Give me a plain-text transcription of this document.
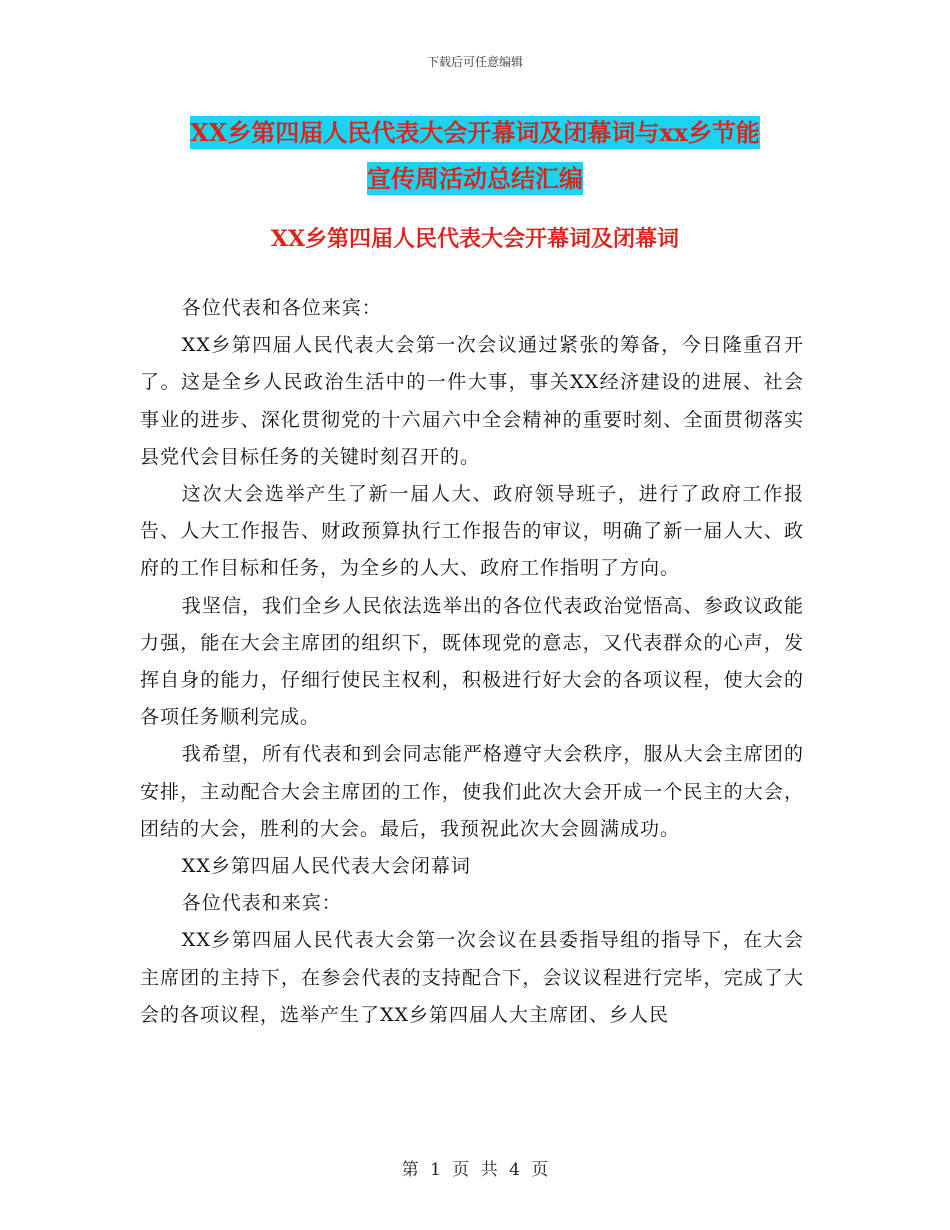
下载后可任意编辑
XX乡第四届人民代表大会开幕词及闭幕词与xx乡节能
宣传周活动总结汇编
XX乡第四届人民代表大会开幕词及闭幕词

各位代表和各位来宾：

XX乡第四届人民代表大会第一次会议通过紧张的筹备，今日隆重召开了。这是全乡人民政治生活中的一件大事，事关XX经济建设的进展、社会事业的进步、深化贯彻党的十六届六中全会精神的重要时刻、全面贯彻落实县党代会目标任务的关键时刻召开的。

这次大会选举产生了新一届人大、政府领导班子，进行了政府工作报告、人大工作报告、财政预算执行工作报告的审议，明确了新一届人大、政府的工作目标和任务，为全乡的人大、政府工作指明了方向。

我坚信，我们全乡人民依法选举出的各位代表政治觉悟高、参政议政能力强，能在大会主席团的组织下，既体现党的意志，又代表群众的心声，发挥自身的能力，仔细行使民主权利，积极进行好大会的各项议程，使大会的各项任务顺利完成。

我希望，所有代表和到会同志能严格遵守大会秩序，服从大会主席团的安排，主动配合大会主席团的工作，使我们此次大会开成一个民主的大会，团结的大会，胜利的大会。最后，我预祝此次大会圆满成功。

XX乡第四届人民代表大会闭幕词

各位代表和来宾：

XX乡第四届人民代表大会第一次会议在县委指导组的指导下，在大会主席团的主持下，在参会代表的支持配合下，会议议程进行完毕，完成了大会的各项议程，选举产生了XX乡第四届人大主席团、乡人民

第 1 页 共 4 页
